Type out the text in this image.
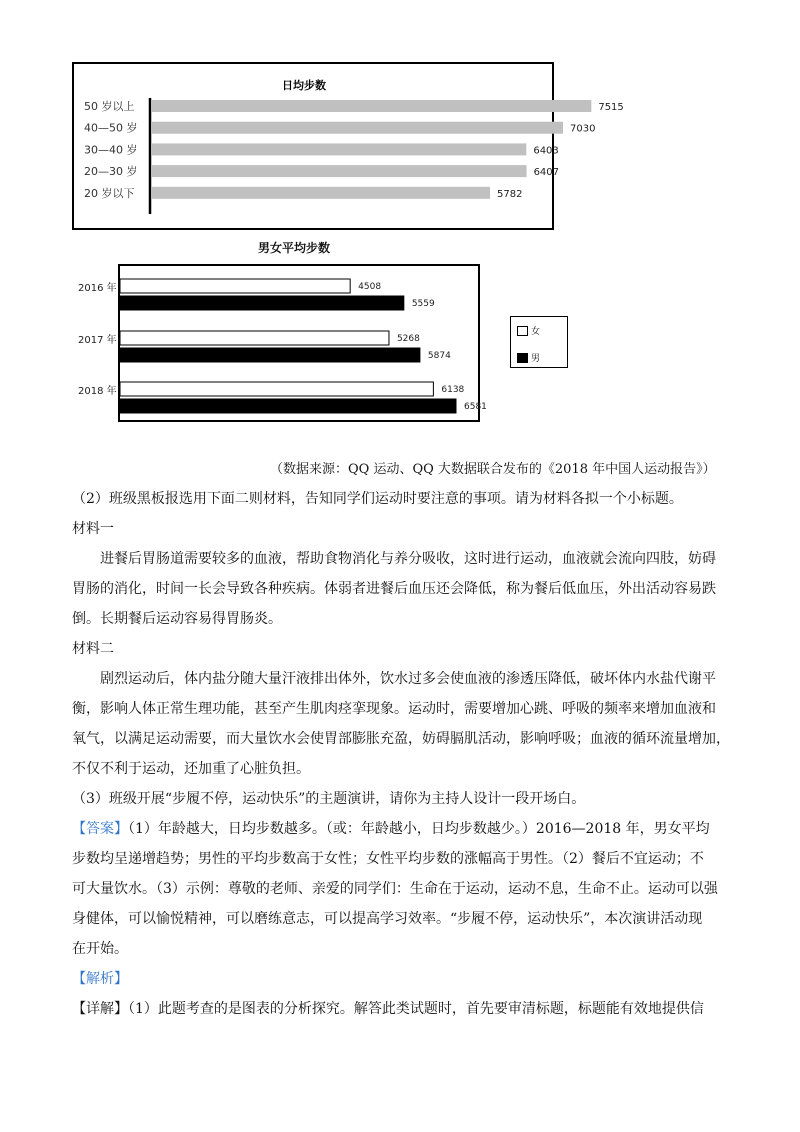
日均步数
50 岁以上	7515
40—50 岁	7030
30—40 岁	6403
20—30 岁	6407
20 岁以下	5782
男女平均步数
2016 年	4508
5559
2017 年	5268
5874
2018 年	6138
6581
女
男
（数据来源：QQ 运动、QQ 大数据联合发布的《2018 年中国人运动报告》）
（2）班级黑板报选用下面二则材料，告知同学们运动时要注意的事项。请为材料各拟一个小标题。
材料一
进餐后胃肠道需要较多的血液，帮助食物消化与养分吸收，这时进行运动，血液就会流向四肢，妨碍
胃肠的消化，时间一长会导致各种疾病。体弱者进餐后血压还会降低，称为餐后低血压，外出活动容易跌
倒。长期餐后运动容易得胃肠炎。
材料二
剧烈运动后，体内盐分随大量汗液排出体外，饮水过多会使血液的渗透压降低，破坏体内水盐代谢平
衡，影响人体正常生理功能，甚至产生肌肉痉挛现象。运动时，需要增加心跳、呼吸的频率来增加血液和
氧气，以满足运动需要，而大量饮水会使胃部膨胀充盈，妨碍膈肌活动，影响呼吸；血液的循环流量增加，
不仅不利于运动，还加重了心脏负担。
（3）班级开展“步履不停，运动快乐”的主题演讲，请你为主持人设计一段开场白。
【答案】（1）年龄越大，日均步数越多。（或：年龄越小，日均步数越少。）2016—2018 年，男女平均
步数均呈递增趋势；男性的平均步数高于女性；女性平均步数的涨幅高于男性。（2）餐后不宜运动；不
可大量饮水。（3）示例：尊敬的老师、亲爱的同学们：生命在于运动，运动不息，生命不止。运动可以强
身健体，可以愉悦精神，可以磨练意志，可以提高学习效率。“步履不停，运动快乐”，本次演讲活动现
在开始。
【解析】
【详解】（1）此题考查的是图表的分析探究。解答此类试题时，首先要审清标题，标题能有效地提供信
